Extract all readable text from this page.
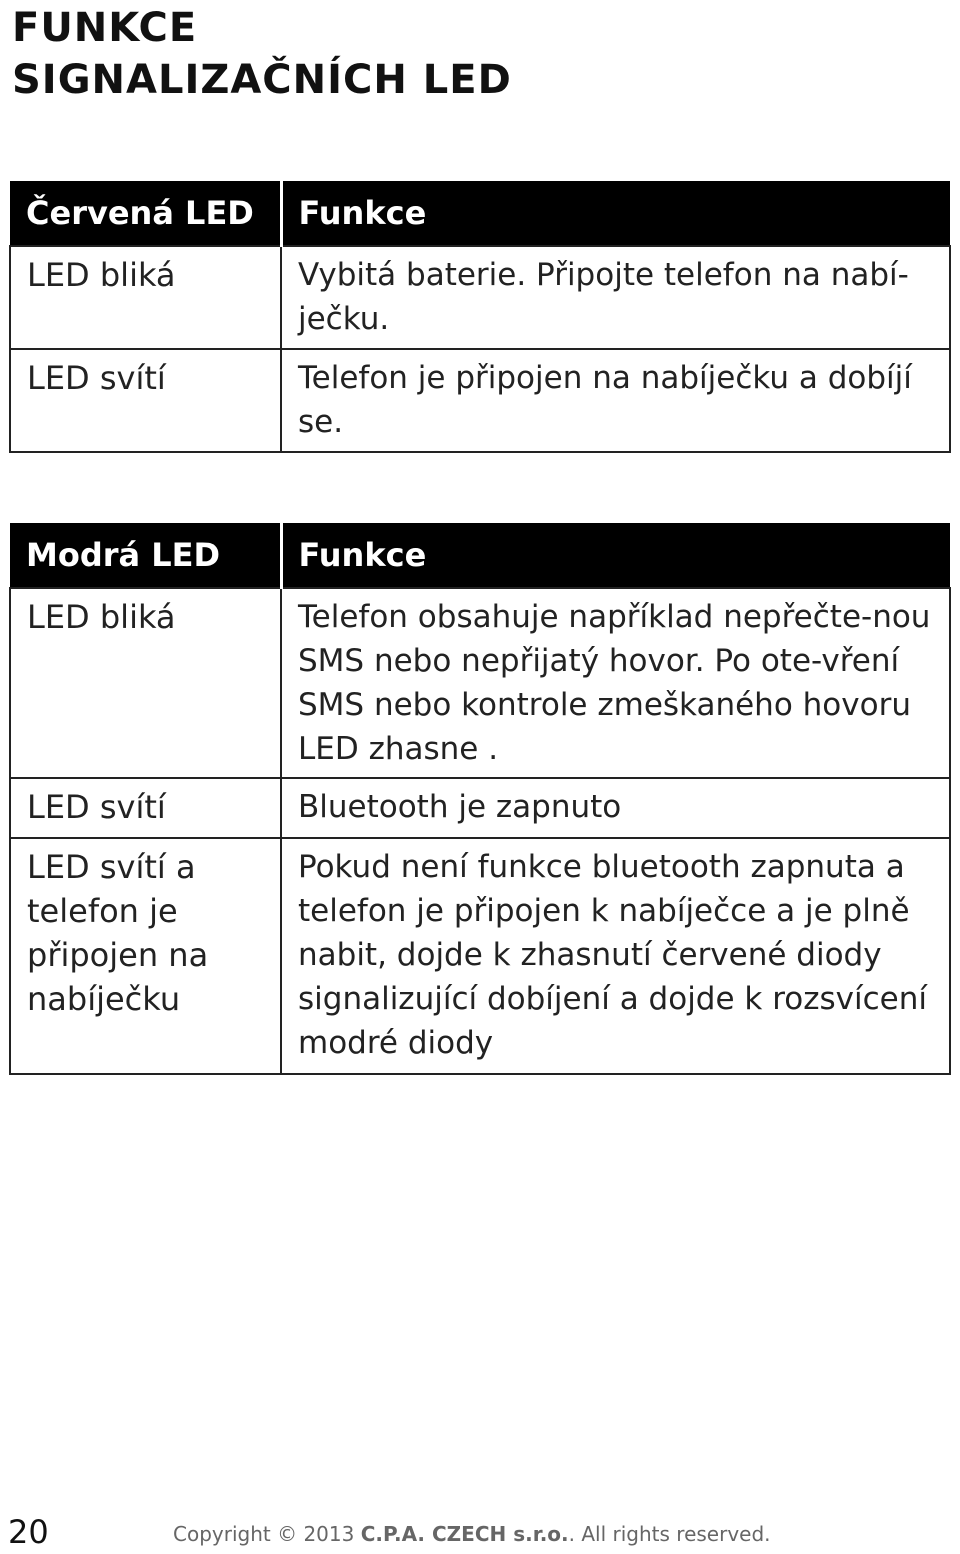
FUNKCE
SIGNALIZAČNÍCH LED
Červená LED	Funkce
LED bliká	Vybitá baterie. Připojte telefon na nabí-ječku.
LED svítí	Telefon je připojen na nabíječku a dobíjí se.
Modrá LED	Funkce
LED bliká	Telefon obsahuje například nepřečte-nou SMS nebo nepřijatý hovor. Po ote-vření SMS nebo kontrole zmeškaného hovoru LED zhasne .
LED svítí	Bluetooth je zapnuto
LED svítí a telefon je připojen na nabíječku	Pokud není funkce bluetooth zapnuta a telefon je připojen k nabíječce a je plně nabit, dojde k zhasnutí červené diody signalizující dobíjení a dojde k rozsvícení modré diody
20	Copyright © 2013 C.P.A. CZECH s.r.o.. All rights reserved.
